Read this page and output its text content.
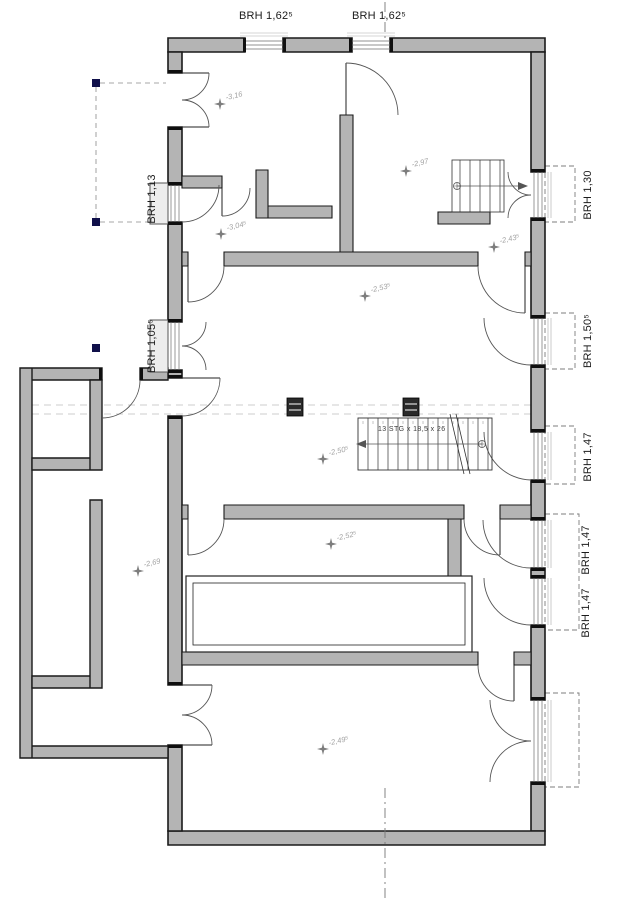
BRH 1,62⁵	BRH 1,62⁵
BRH 1,13
BRH 1,05⁵
BRH 1,30
BRH 1,50⁵
BRH 1,47
BRH 1,47
BRH 1,47
-3,16
-2,97
-3,04⁵
-2,43⁵
-2,53⁵
-2,50⁵
-2,52⁵
-2,69
-2,49⁵
13 STG x 18,5 x 26
